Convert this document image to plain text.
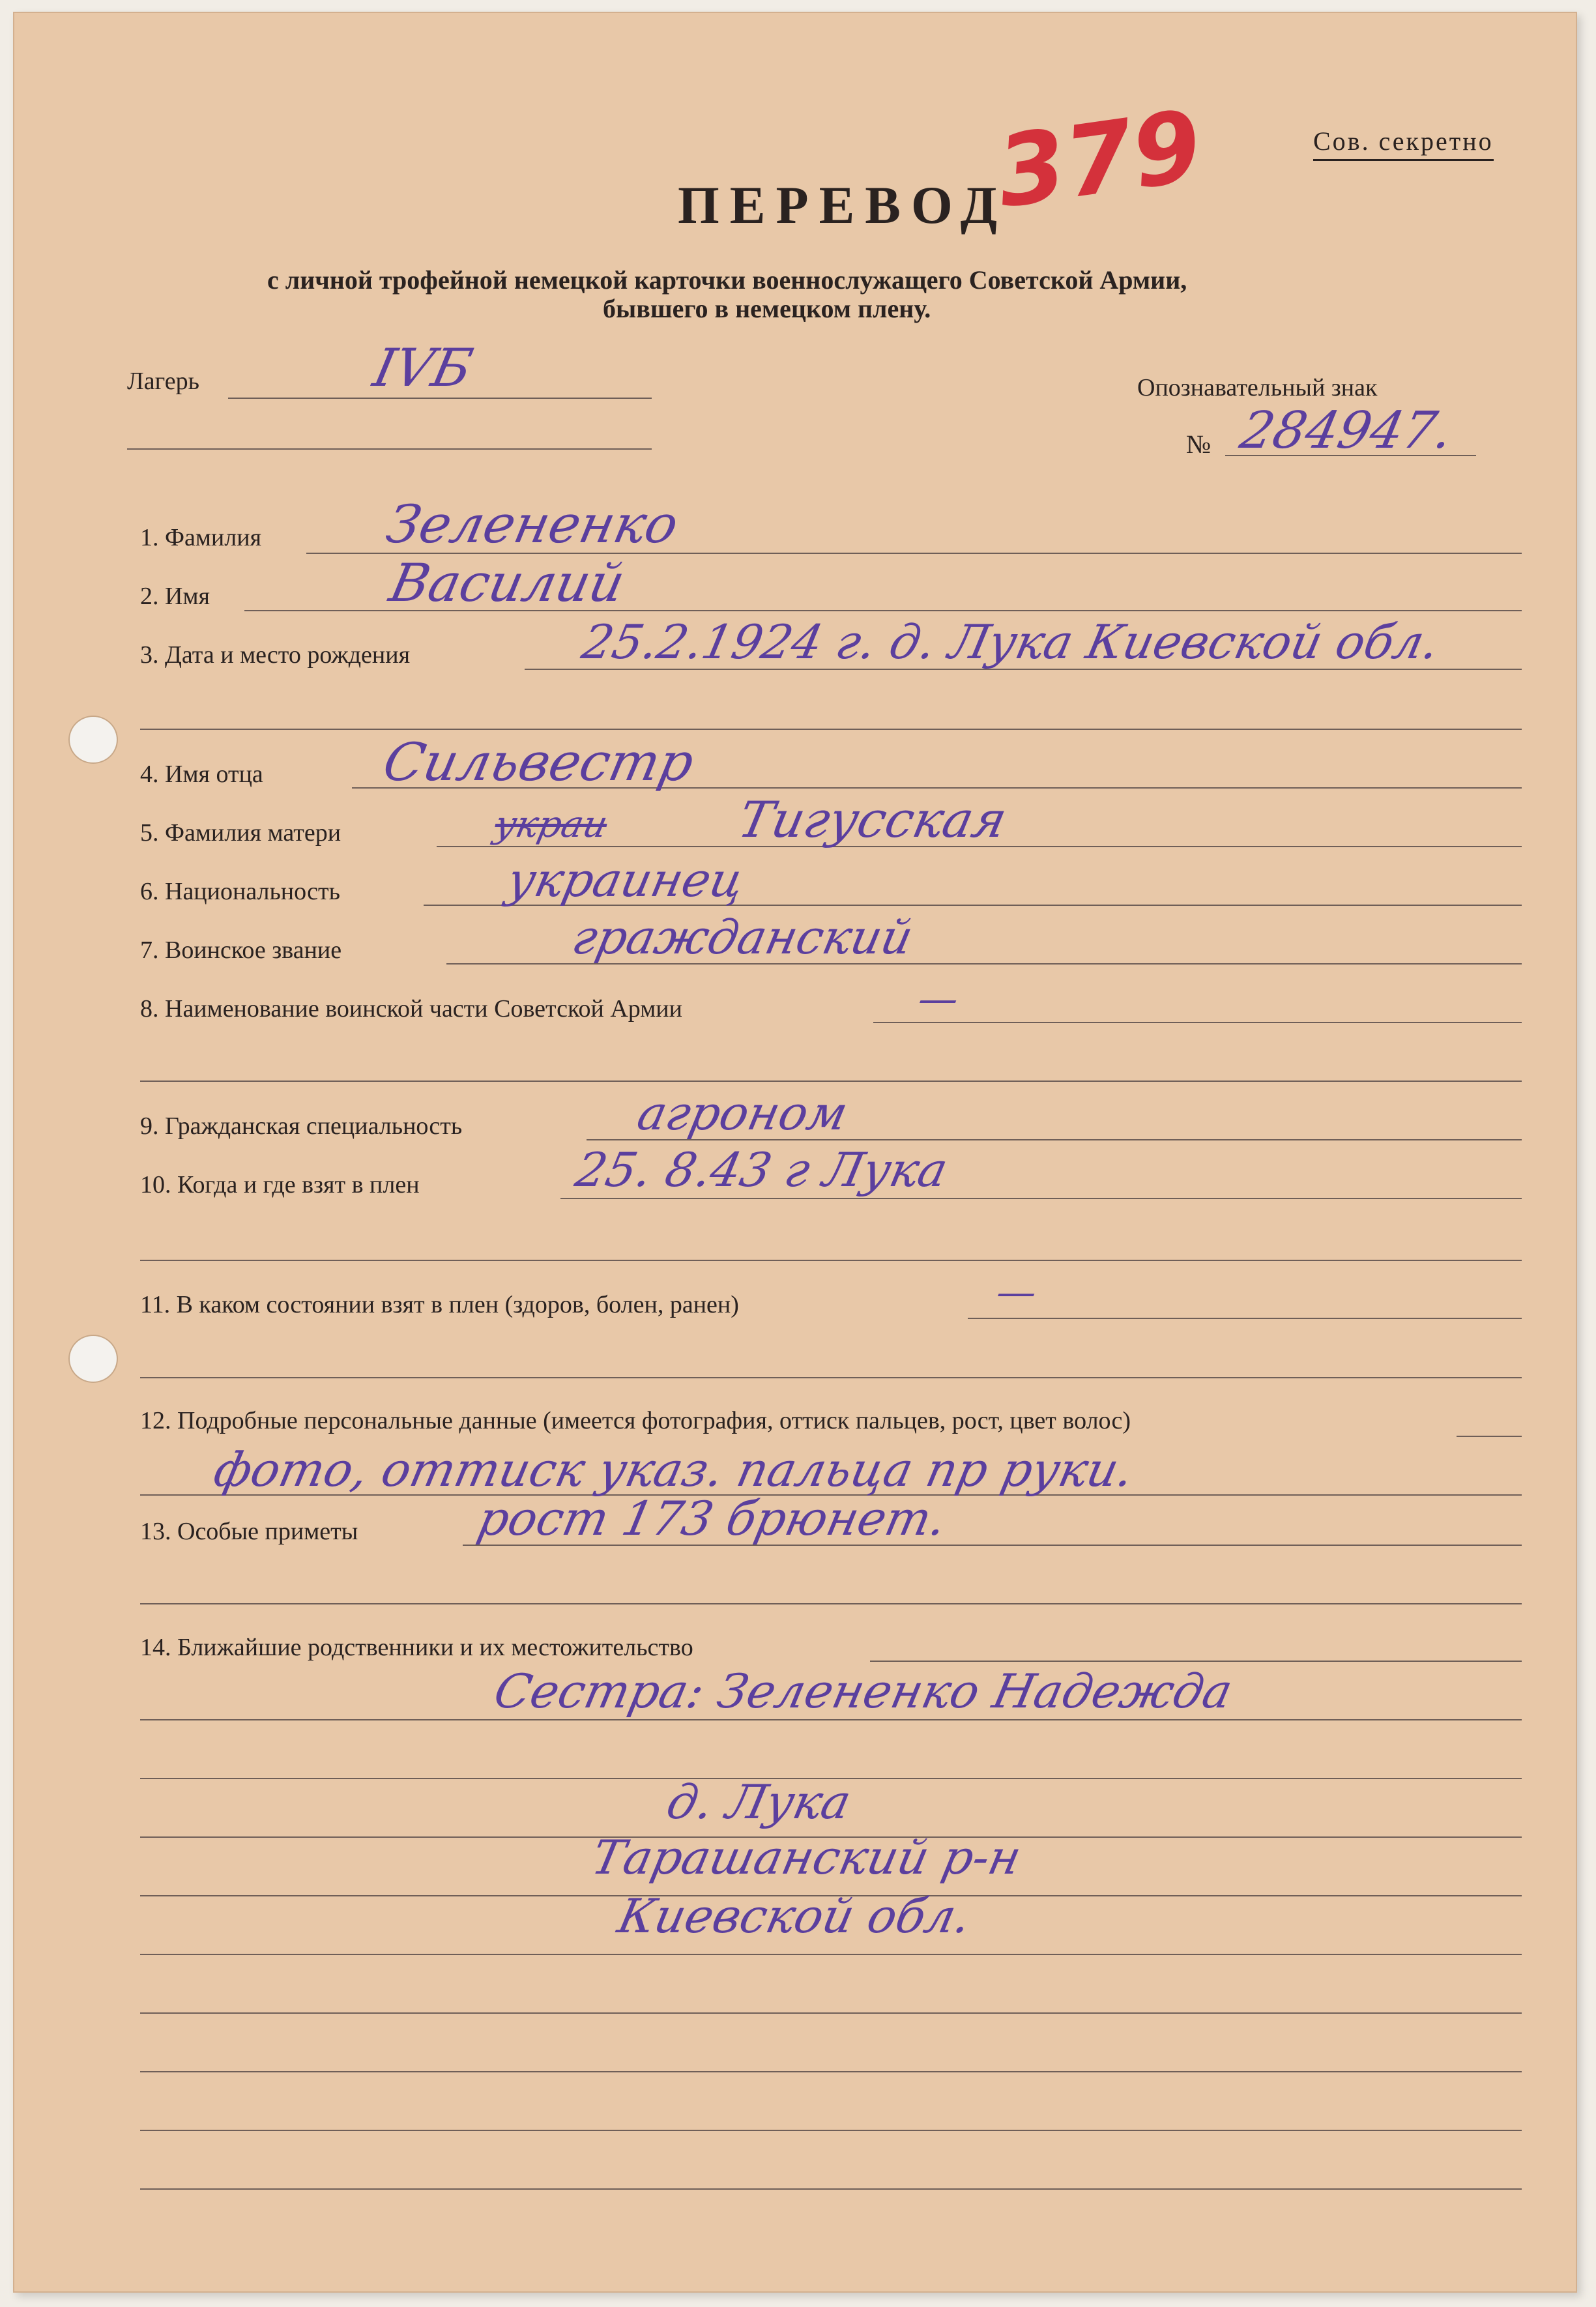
Сов. секретно
ПЕРЕВОД
379
с личной трофейной немецкой карточки военнослужащего Советской Армии,
бывшего в немецком плену.
Лагерь	IVБ	Опознавательный знак
№ 284947.
1. Фамилия Зелененко
2. Имя	Василий
3. Дата и место рождения	25.2.1924 г. д. Лука Киевской обл.
4. Имя отца Сильвестр
5. Фамилия матери	украи Тигусская
6. Национальность	украинец
7. Воинское звание	гражданский
8. Наименование воинской части Советской Армии	—
9. Гражданская специальность	агроном
10. Когда и где взят в плен	25. 8.43 г Лука
11. В каком состоянии взят в плен (здоров, болен, ранен)	—
12. Подробные персональные данные (имеется фотография, оттиск пальцев, рост, цвет волос)
фото, оттиск указ. пальца пр руки.
13. Особые приметы рост 173 брюнет.
14. Ближайшие родственники и их местожительство
Сестра: Зелененко Надежда
д. Лука
Тарашанский р-н
Киевской обл.
